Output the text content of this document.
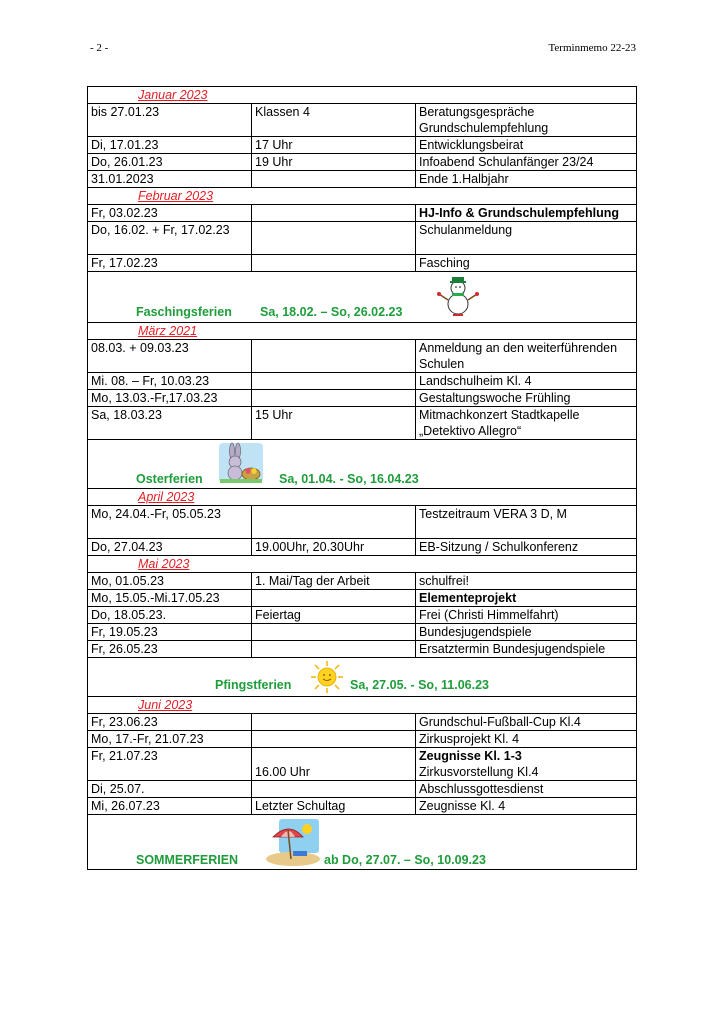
- 2 -	Terminmemo 22-23
Januar 2023		
bis 27.01.23	Klassen 4	Beratungsgespräche Grundschulempfehlung
Di, 17.01.23	17 Uhr	Entwicklungsbeirat
Do, 26.01.23	19 Uhr	Infoabend Schulanfänger 23/24
31.01.2023		Ende 1.Halbjahr
Februar 2023		
Fr, 03.02.23		HJ-Info & Grundschulempfehlung
Do, 16.02. + Fr, 17.02.23		Schulanmeldung
Fr, 17.02.23		Fasching

Faschingsferien Sa, 18.02. – So, 26.02.23		

März 2021		
08.03. + 09.03.23		Anmeldung an den weiterführenden Schulen
Mi. 08. – Fr, 10.03.23		Landschulheim Kl. 4
Mo, 13.03.-Fr,17.03.23		Gestaltungswoche Frühling
Sa, 18.03.23	15 Uhr	Mitmachkonzert Stadtkapelle „Detektivo Allegro“

Osterferien Sa, 01.04. - So, 16.04.23		

April 2023		
Mo, 24.04.-Fr, 05.05.23		Testzeitraum VERA 3 D, M
Do, 27.04.23	19.00Uhr, 20.30Uhr	EB-Sitzung / Schulkonferenz
Mai 2023		
Mo, 01.05.23	1. Mai/Tag der Arbeit	schulfrei!
Mo, 15.05.-Mi.17.05.23		Elementeprojekt
Do, 18.05.23.	Feiertag	Frei (Christi Himmelfahrt)
Fr, 19.05.23		Bundesjugendspiele
Fr, 26.05.23		Ersatztermin Bundesjugendspiele

Pfingstferien Sa, 27.05. - So, 11.06.23		

Juni 2023		
Fr, 23.06.23		Grundschul-Fußball-Cup Kl.4
Mo, 17.-Fr, 21.07.23		Zirkusprojekt Kl. 4
Fr, 21.07.23	16.00 Uhr	Zeugnisse Kl. 1-3
Zirkusvorstellung Kl.4

Di, 25.07.		Abschlussgottesdienst
Mi, 26.07.23	Letzter Schultag	Zeugnisse Kl. 4

SOMMERFERIEN ab Do, 27.07. – So, 10.09.23		
